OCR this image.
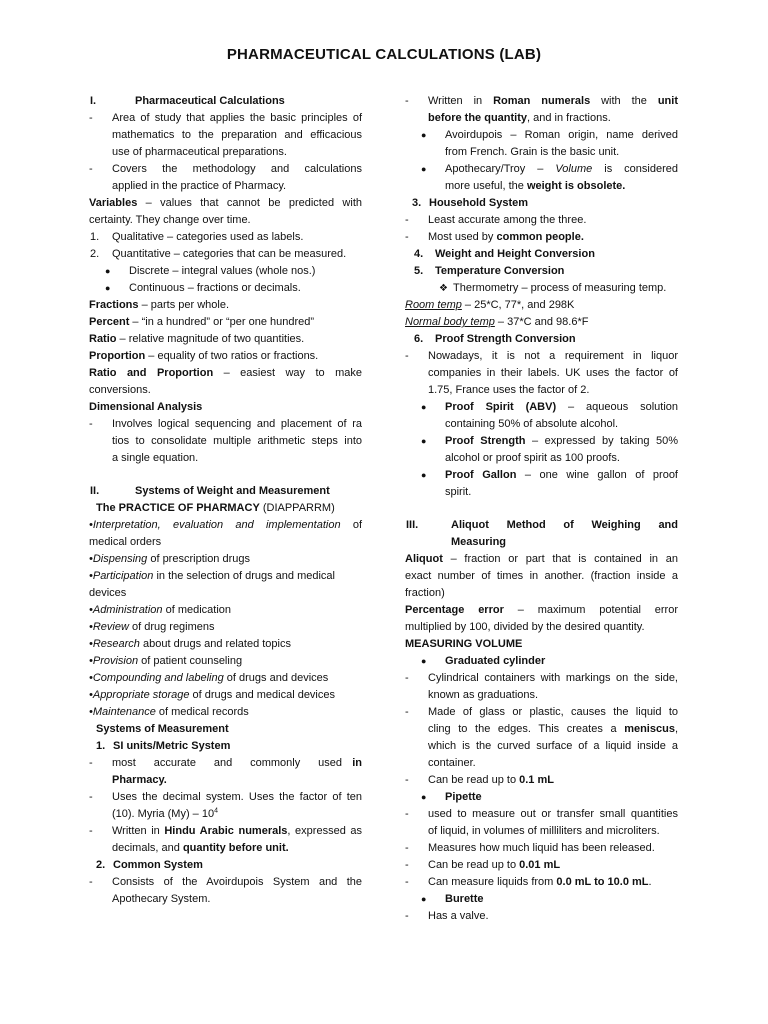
PHARMACEUTICAL CALCULATIONS (LAB)
I.	Pharmaceutical Calculations
- Area of study that applies the basic principles of
mathematics to the preparation and efficacious
use of pharmaceutical preparations.
- Covers the methodology and calculations
applied in the practice of Pharmacy.
Variables – values that cannot be predicted with
certainty. They change over time.
1. Qualitative – categories used as labels.
2. Quantitative – categories that can be measured.
● Discrete – integral values (whole nos.)
● Continuous – fractions or decimals.
Fractions – parts per whole.
Percent – “in a hundred” or “per one hundred”
Ratio – relative magnitude of two quantities.
Proportion – equality of two ratios or fractions.
Ratio and Proportion – easiest way to make
conversions.
Dimensional Analysis
- Involves logical sequencing and placement of ra
tios to consolidate multiple arithmetic steps into
a single equation.
II.	Systems of Weight and Measurement
The PRACTICE OF PHARMACY (DIAPPARRM)
•Interpretation, evaluation and implementation of
medical orders
•Dispensing of prescription drugs
•Participation in the selection of drugs and medical
devices
•Administration of medication
•Review of drug regimens
•Research about drugs and related topics
•Provision of patient counseling
•Compounding and labeling of drugs and devices
•Appropriate storage of drugs and medical devices
•Maintenance of medical records
Systems of Measurement
1. SI units/Metric System
- most accurate and commonly used in
Pharmacy.
- Uses the decimal system. Uses the factor of ten
(10). Myria $(My) - 10^4$
- Written in Hindu Arabic numerals, expressed as
decimals, and quantity before unit.
2. Common System
- Consists of the Avoirdupois System and the
Apothecary System.
- Written in Roman numerals with the unit
before the quantity, and in fractions.
● Avoirdupois – Roman origin, name derived
from French. Grain is the basic unit.
● Apothecary/Troy – Volume is considered
more useful, the weight is obsolete.
3. Household System
- Least accurate among the three.
- Most used by common people.
4. Weight and Height Conversion
5. Temperature Conversion
❖ Thermometry – process of measuring temp.
Room temp – 25*C, 77*, and 298K
Normal body temp – 37*C and 98.6*F
6. Proof Strength Conversion
- Nowadays, it is not a requirement in liquor
companies in their labels. UK uses the factor of
1.75, France uses the factor of 2.
● Proof Spirit (ABV) – aqueous solution
containing 50% of absolute alcohol.
● Proof Strength – expressed by taking 50%
alcohol or proof spirit as 100 proofs.
● Proof Gallon – one wine gallon of proof
spirit.
III.	Aliquot Method of Weighing and
Measuring
Aliquot – fraction or part that is contained in an
exact number of times in another. (fraction inside a
fraction)
Percentage error – maximum potential error
multiplied by 100, divided by the desired quantity.
MEASURING VOLUME
● Graduated cylinder
- Cylindrical containers with markings on the side,
known as graduations.
- Made of glass or plastic, causes the liquid to
cling to the edges. This creates a meniscus,
which is the curved surface of a liquid inside a
container.
- Can be read up to 0.1 mL
● Pipette
- used to measure out or transfer small quantities
of liquid, in volumes of milliliters and microliters.
- Measures how much liquid has been released.
- Can be read up to 0.01 mL
- Can measure liquids from 0.0 mL to 10.0 mL.
● Burette
- Has a valve.
